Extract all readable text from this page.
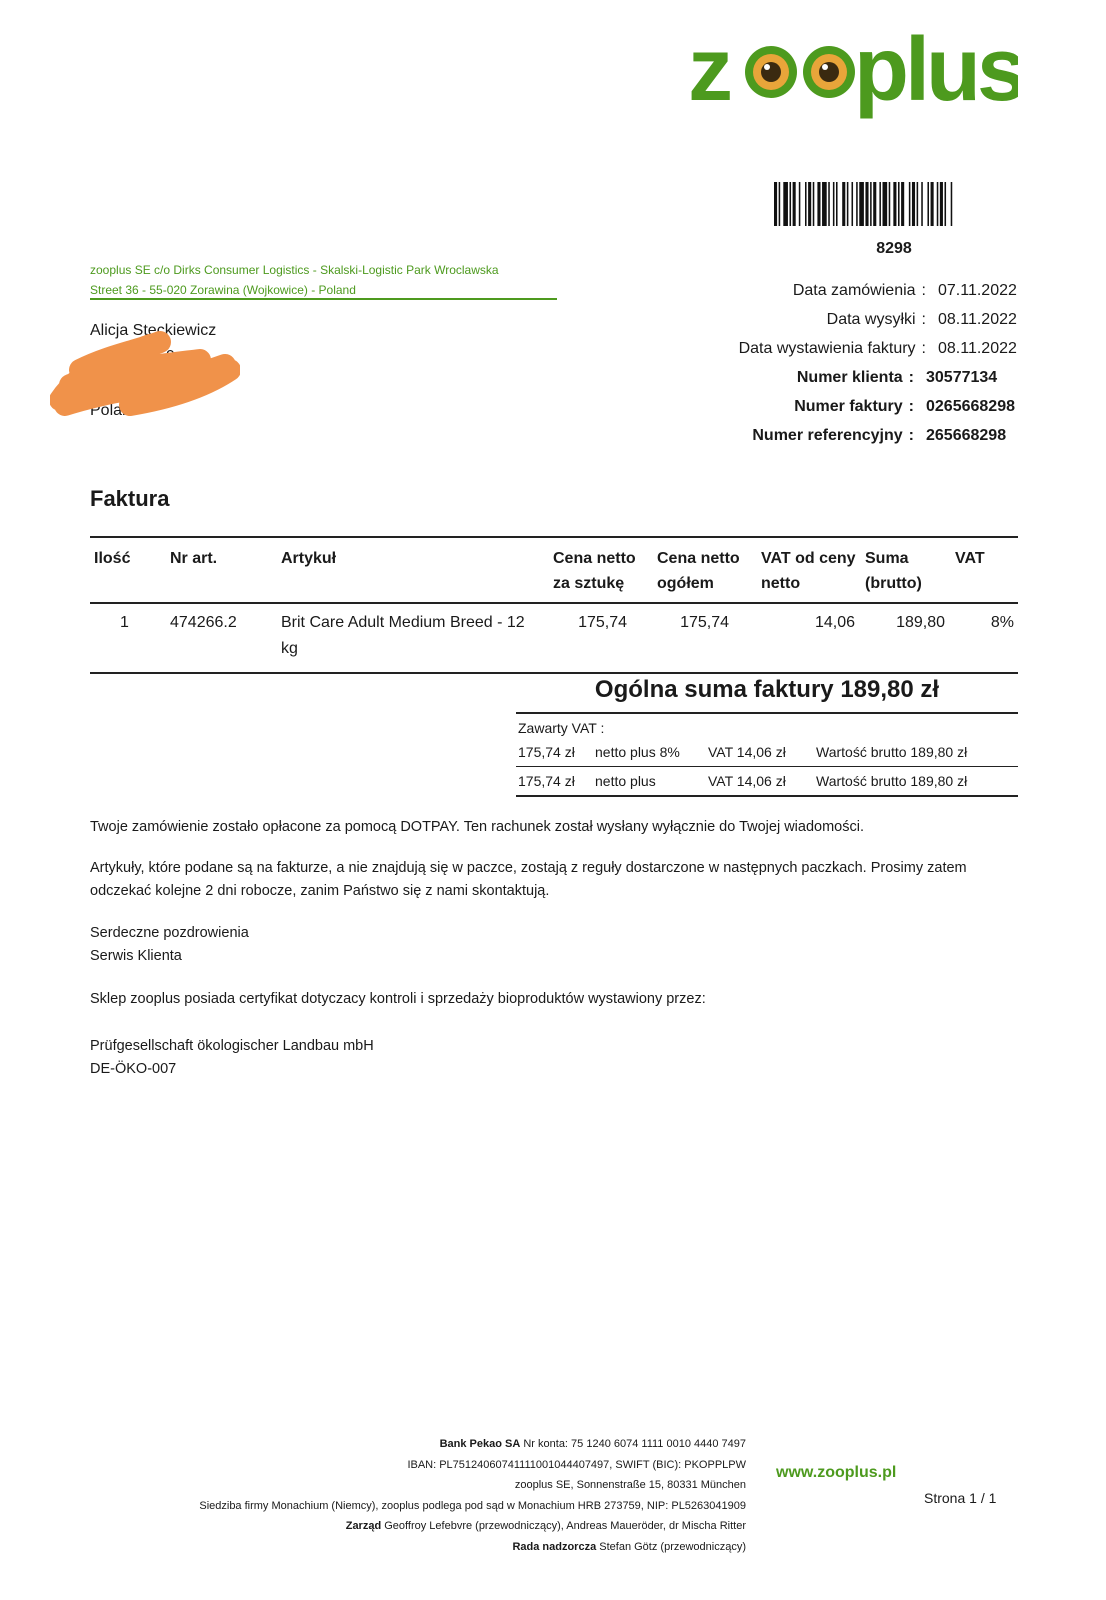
z plus
8298
zooplus SE c/o Dirks Consumer Logistics - Skalski-Logistic Park Wroclawska
Street 36 - 55-020 Zorawina (Wojkowice) - Poland
Alicja Steckiewicz
9
Polan
Data zamówienia : 07.11.2022
Data wysyłki : 08.11.2022
Data wystawienia faktury : 08.11.2022
Numer klienta : 30577134
Numer faktury : 0265668298
Numer referencyjny : 265668298
Faktura
Ilość	Nr art.	Artykuł	Cena netto za sztukę	Cena netto ogółem	VAT od ceny netto	Suma (brutto)	VAT
1	474266.2	Brit Care Adult Medium Breed - 12 kg	175,74	175,74	14,06	189,80	8%
Ogólna suma faktury 189,80 zł
Zawarty VAT :
175,74 zł	netto plus 8%	VAT 14,06 zł	Wartość brutto 189,80 zł
175,74 zł	netto plus	VAT 14,06 zł	Wartość brutto 189,80 zł
Twoje zamówienie zostało opłacone za pomocą DOTPAY. Ten rachunek został wysłany wyłącznie do Twojej wiadomości.
Artykuły, które podane są na fakturze, a nie znajdują się w paczce, zostają z reguły dostarczone w następnych paczkach. Prosimy zatem odczekać kolejne 2 dni robocze, zanim Państwo się z nami skontaktują.
Serdeczne pozdrowienia
Serwis Klienta
Sklep zooplus posiada certyfikat dotyczacy kontroli i sprzedaży bioproduktów wystawiony przez:
Prüfgesellschaft ökologischer Landbau mbH
DE-ÖKO-007
Bank Pekao SA Nr konta: 75 1240 6074 1111 0010 4440 7497
IBAN: PL75124060741111001044407497, SWIFT (BIC): PKOPPLPW
zooplus SE, Sonnenstraße 15, 80331 München
Siedziba firmy Monachium (Niemcy), zooplus podlega pod sąd w Monachium HRB 273759, NIP: PL5263041909
Zarząd Geoffroy Lefebvre (przewodniczący), Andreas Maueröder, dr Mischa Ritter
Rada nadzorcza Stefan Götz (przewodniczący)
www.zooplus.pl
Strona 1 / 1
